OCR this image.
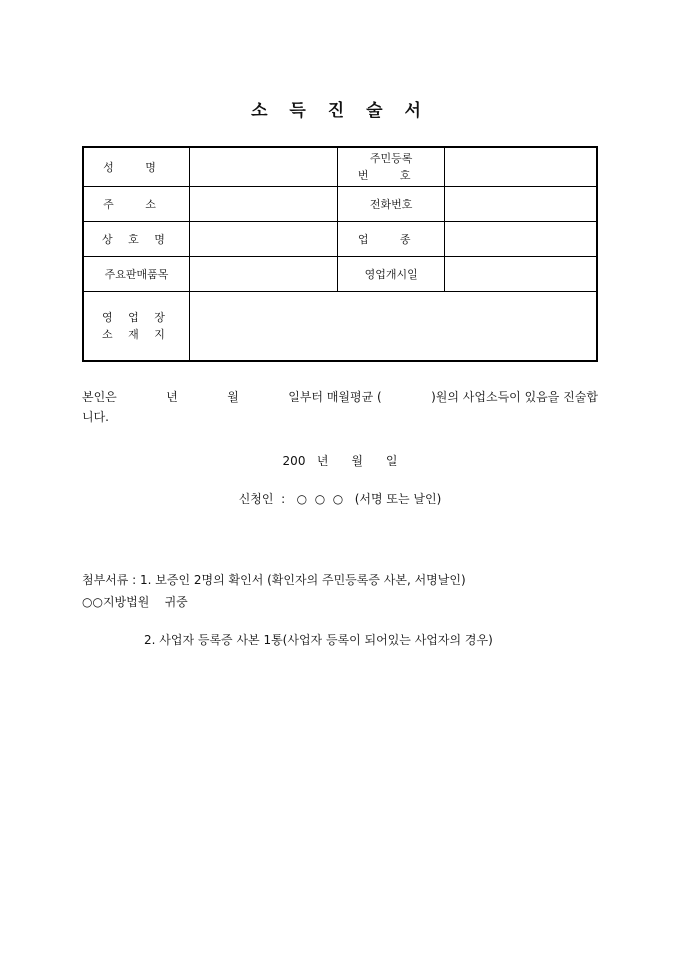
소 득 진 술 서
성 명		주민등록
번 호	

주 소		전화번호	
상 호 명		업 종	
주요판매품목		영업개시일	

영 업 장
소 재 지			

본인은	년	월	일부터 매월평균 (	)원의 사업소득이 있음을 진술합
니다.
200   년      월      일
신청인  :   ○  ○  ○   (서명 또는 날인)

첨부서류 : 1. 보증인 2명의 확인서 (확인자의 주민등록증 사본, 서명날인)

2. 사업자 등록증 사본 1통(사업자 등록이 되어있는 사업자의 경우)

○○지방법원    귀중
